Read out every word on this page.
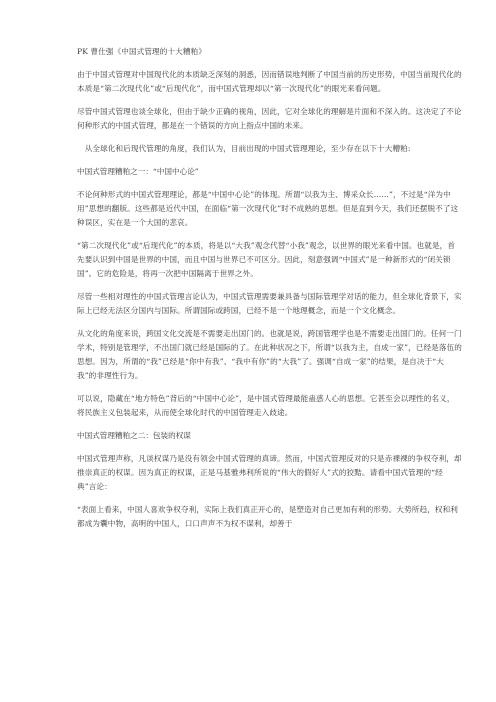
PK 曹仕强《中国式管理的十大糟粕》

由于中国式管理对中国现代化的本质缺乏深刻的洞悉，因而错误地判断了中国当前的历史形势，中国当前现代化的本质是“第二次现代化”或“后现代化”，而中国式管理却以“第一次现代化”的眼光来看问题。

尽管中国式管理也谈全球化，但由于缺少正确的视角，因此，它对全球化的理解是片面和不深入的。这决定了不论何种形式的中国式管理，都是在一个错误的方向上指点中国的未来。

　从全球化和后现代管理的角度，我们认为，目前出现的中国式管理理论，至少存在以下十大糟粕:

中国式管理糟粕之一：“中国中心论”

不论何种形式的中国式管理理论，都是“中国中心论”的体现。所谓“以我为主、博采众长……”，不过是“洋为中用”思想的翻版。这些都是近代中国，在面临“第一次现代化”时不成熟的思想。但是直到今天，我们还摆脱不了这种误区，实在是一个大国的悲哀。

“第二次现代化”或“后现代化”的本质，将是以“大我”观念代替“小我”观念，以世界的眼光来看中国。也就是，首先要认识到中国是世界的中国，而且中国与世界已不可区分。因此，刻意强调“中国式”是一种新形式的“闭关锁国”。它的危险是，将再一次把中国隔离于世界之外。

尽管一些相对理性的中国式管理言论认为，中国式管理需要兼具备与国际管理学对话的能力，但全球化背景下，实际上已经无法区分国内与国际。所谓国际或跨国，已经不是一个地理概念，而是一个文化概念。

从文化的角度来说，跨国文化交流是不需要走出国门的。也就是说，跨国管理学也是不需要走出国门的。任何一门学术，特别是管理学，不出国门就已经是国际的了。在此种状况之下，所谓“以我为主，自成一家”，已经是落伍的思想。因为，所谓的“我”已经是“你中有我”、“我中有你”的“大我”了。强调“自成一家”的结果，是自决于“大我”的非理性行为。

可以说，隐藏在“地方特色”背后的“中国中心论”，是中国式管理最能蛊惑人心的思想。它甚至会以理性的名义，将民族主义包装起来，从而使全球化时代的中国管理走入歧途。

中国式管理糟粕之二：包装的权谋

中国式管理声称，凡谈权谋乃是没有领会中国式管理的真谛。然而，中国式管理反对的只是赤裸裸的争权夺利，却推崇真正的权谋。因为真正的权谋，正是马基雅弗利所说的“伟大的假好人”式的狡黠。请看中国式管理的“经典”言论：

“表面上看来，中国人喜欢争权夺利，实际上我们真正开心的，是塑造对自己更加有利的形势。大势所趋，权和利都成为囊中物，高明的中国人，口口声声不为权不谋利，却善于
